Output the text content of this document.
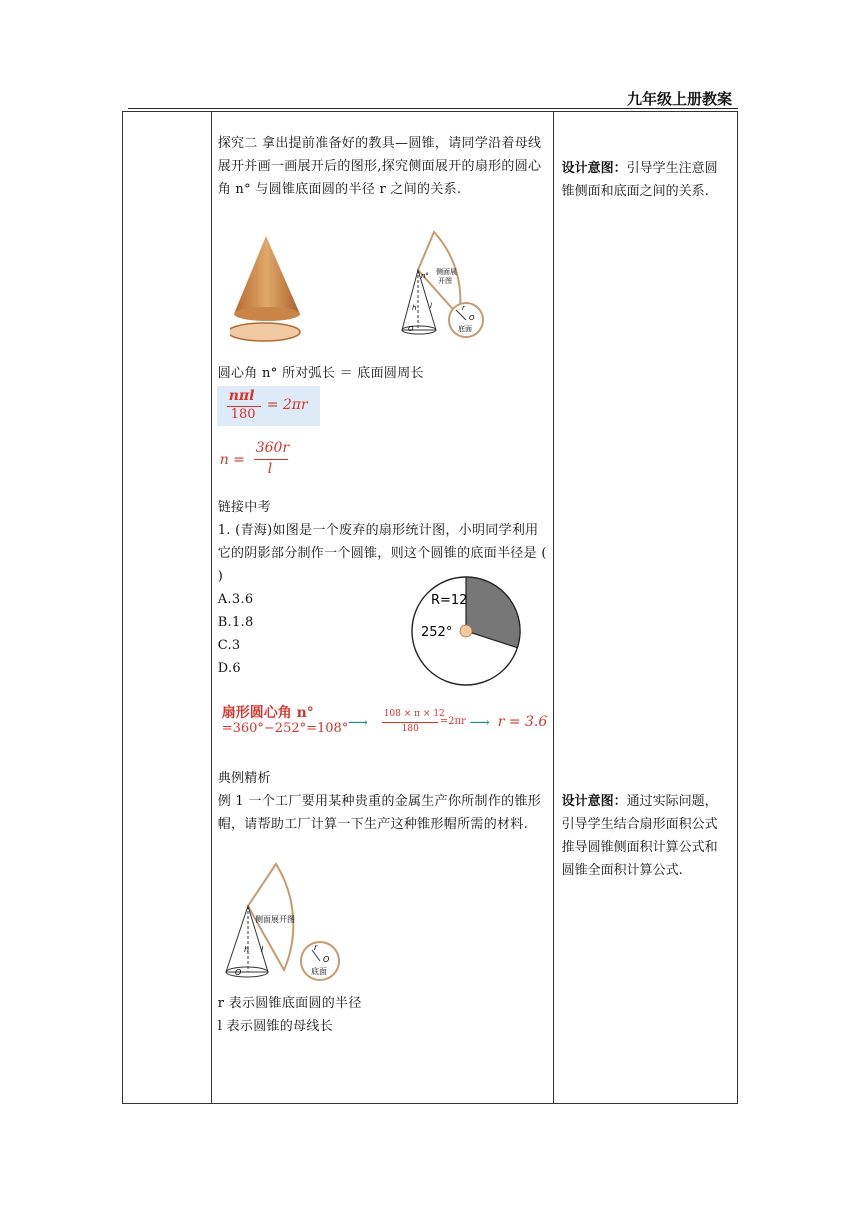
九年级上册教案

探究二 拿出提前准备好的教具—圆锥，请同学沿着母线展开并画一画展开后的图形,探究侧面展开的扇形的圆心角 n° 与圆锥底面圆的半径 r 之间的关系.
n° 侧面展
开图
h l
O
r
O
底面
圆心角 n° 所对弧长 ＝ 底面圆周长
nπl
180
= 2πr
n =
360r
l
链接中考
1. (青海)如图是一个废弃的扇形统计图，小明同学利用它的阴影部分制作一个圆锥，则这个圆锥的底面半径是 ( )
A.3.6
B.1.8
C.3
D.6
R=12
252°
扇形圆心角 n°
=360°−252°=108° ⟶
108 × π × 12
180
=2πr ⟶ r = 3.6
典例精析
例 1 一个工厂要用某种贵重的金属生产你所制作的锥形帽，请帮助工厂计算一下生产这种锥形帽所需的材料.
侧面展开图
h l
O
r
O
底面
r 表示圆锥底面圆的半径
l 表示圆锥的母线长

设计意图：引导学生注意圆锥侧面和底面之间的关系.
设计意图：通过实际问题，引导学生结合扇形面积公式推导圆锥侧面积计算公式和圆锥全面积计算公式.
